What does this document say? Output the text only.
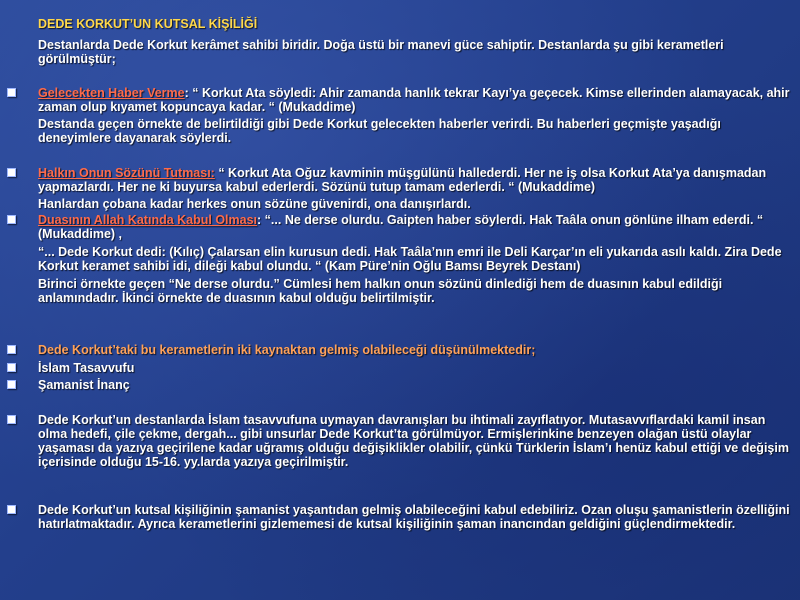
DEDE KORKUT’UN KUTSAL KİŞİLİĞİ

Destanlarda Dede Korkut kerâmet sahibi biridir. Doğa üstü bir manevi güce sahiptir. Destanlarda şu gibi kerametleri görülmüştür;

Gelecekten Haber Verme: “ Korkut Ata söyledi: Ahir zamanda hanlık tekrar Kayı’ya geçecek. Kimse ellerinden alamayacak, ahir zaman olup kıyamet kopuncaya kadar. “ (Mukaddime)

Destanda geçen örnekte de belirtildiği gibi Dede Korkut gelecekten haberler verirdi. Bu haberleri geçmişte yaşadığı deneyimlere dayanarak söylerdi.

Halkın Onun Sözünü Tutması: “ Korkut Ata Oğuz kavminin müşgülünü hallederdi. Her ne iş olsa Korkut Ata’ya danışmadan yapmazlardı. Her ne ki buyursa kabul ederlerdi. Sözünü tutup tamam ederlerdi. “ (Mukaddime)

Hanlardan çobana kadar herkes onun sözüne güvenirdi, ona danışırlardı.

Duasının Allah Katında Kabul Olması: “... Ne derse olurdu. Gaipten haber söylerdi. Hak Taâla onun gönlüne ilham ederdi. “ (Mukaddime) ,

“... Dede Korkut dedi: (Kılıç) Çalarsan elin kurusun dedi. Hak Taâla’nın emri ile Deli Karçar’ın eli yukarıda asılı kaldı. Zira Dede Korkut keramet sahibi idi, dileği kabul olundu. “ (Kam Püre’nin Oğlu Bamsı Beyrek Destanı)

Birinci örnekte geçen “Ne derse olurdu.” Cümlesi hem halkın onun sözünü dinlediği hem de duasının kabul edildiği anlamındadır. İkinci örnekte de duasının kabul olduğu belirtilmiştir.

Dede Korkut’taki bu kerametlerin iki kaynaktan gelmiş olabileceği düşünülmektedir;

İslam Tasavvufu

Şamanist İnanç

Dede Korkut’un destanlarda İslam tasavvufuna uymayan davranışları bu ihtimali zayıflatıyor. Mutasavvıflardaki kamil insan olma hedefi, çile çekme, dergah... gibi unsurlar Dede Korkut’ta görülmüyor. Ermişlerinkine benzeyen olağan üstü olaylar yaşaması da yazıya geçirilene kadar uğramış olduğu değişiklikler olabilir, çünkü Türklerin İslam’ı henüz kabul ettiği ve değişim içerisinde olduğu 15-16. yy.larda yazıya geçirilmiştir.

Dede Korkut’un kutsal kişiliğinin şamanist yaşantıdan gelmiş olabileceğini kabul edebiliriz. Ozan oluşu şamanistlerin özelliğini hatırlatmaktadır. Ayrıca kerametlerini gizlememesi de kutsal kişiliğinin şaman inancından geldiğini güçlendirmektedir.
